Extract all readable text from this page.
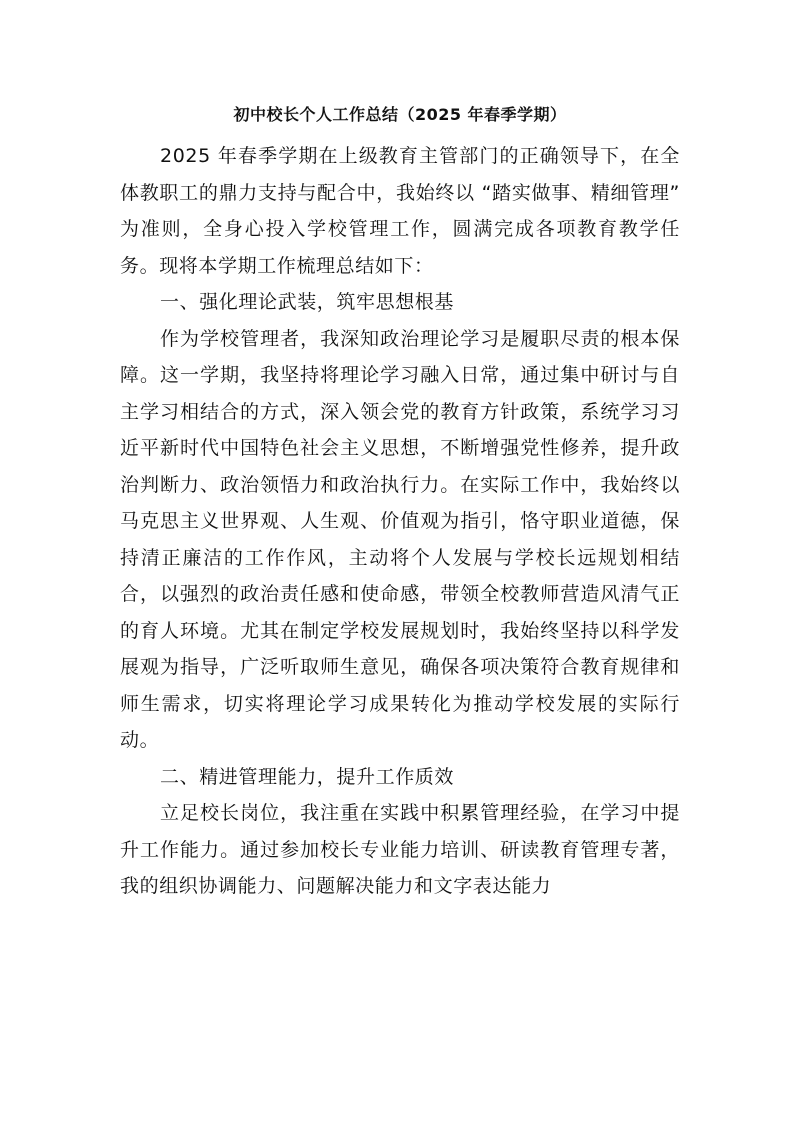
初中校长个人工作总结（2025 年春季学期）

2025 年春季学期在上级教育主管部门的正确领导下，在全体教职工的鼎力支持与配合中，我始终以 “踏实做事、精细管理” 为准则，全身心投入学校管理工作，圆满完成各项教育教学任务。现将本学期工作梳理总结如下：

一、强化理论武装，筑牢思想根基

作为学校管理者，我深知政治理论学习是履职尽责的根本保障。这一学期，我坚持将理论学习融入日常，通过集中研讨与自主学习相结合的方式，深入领会党的教育方针政策，系统学习习近平新时代中国特色社会主义思想，不断增强党性修养，提升政治判断力、政治领悟力和政治执行力。在实际工作中，我始终以马克思主义世界观、人生观、价值观为指引，恪守职业道德，保持清正廉洁的工作作风，主动将个人发展与学校长远规划相结合，以强烈的政治责任感和使命感，带领全校教师营造风清气正的育人环境。尤其在制定学校发展规划时，我始终坚持以科学发展观为指导，广泛听取师生意见，确保各项决策符合教育规律和师生需求，切实将理论学习成果转化为推动学校发展的实际行动。

二、精进管理能力，提升工作质效

立足校长岗位，我注重在实践中积累管理经验，在学习中提升工作能力。通过参加校长专业能力培训、研读教育管理专著，我的组织协调能力、问题解决能力和文字表达能力
